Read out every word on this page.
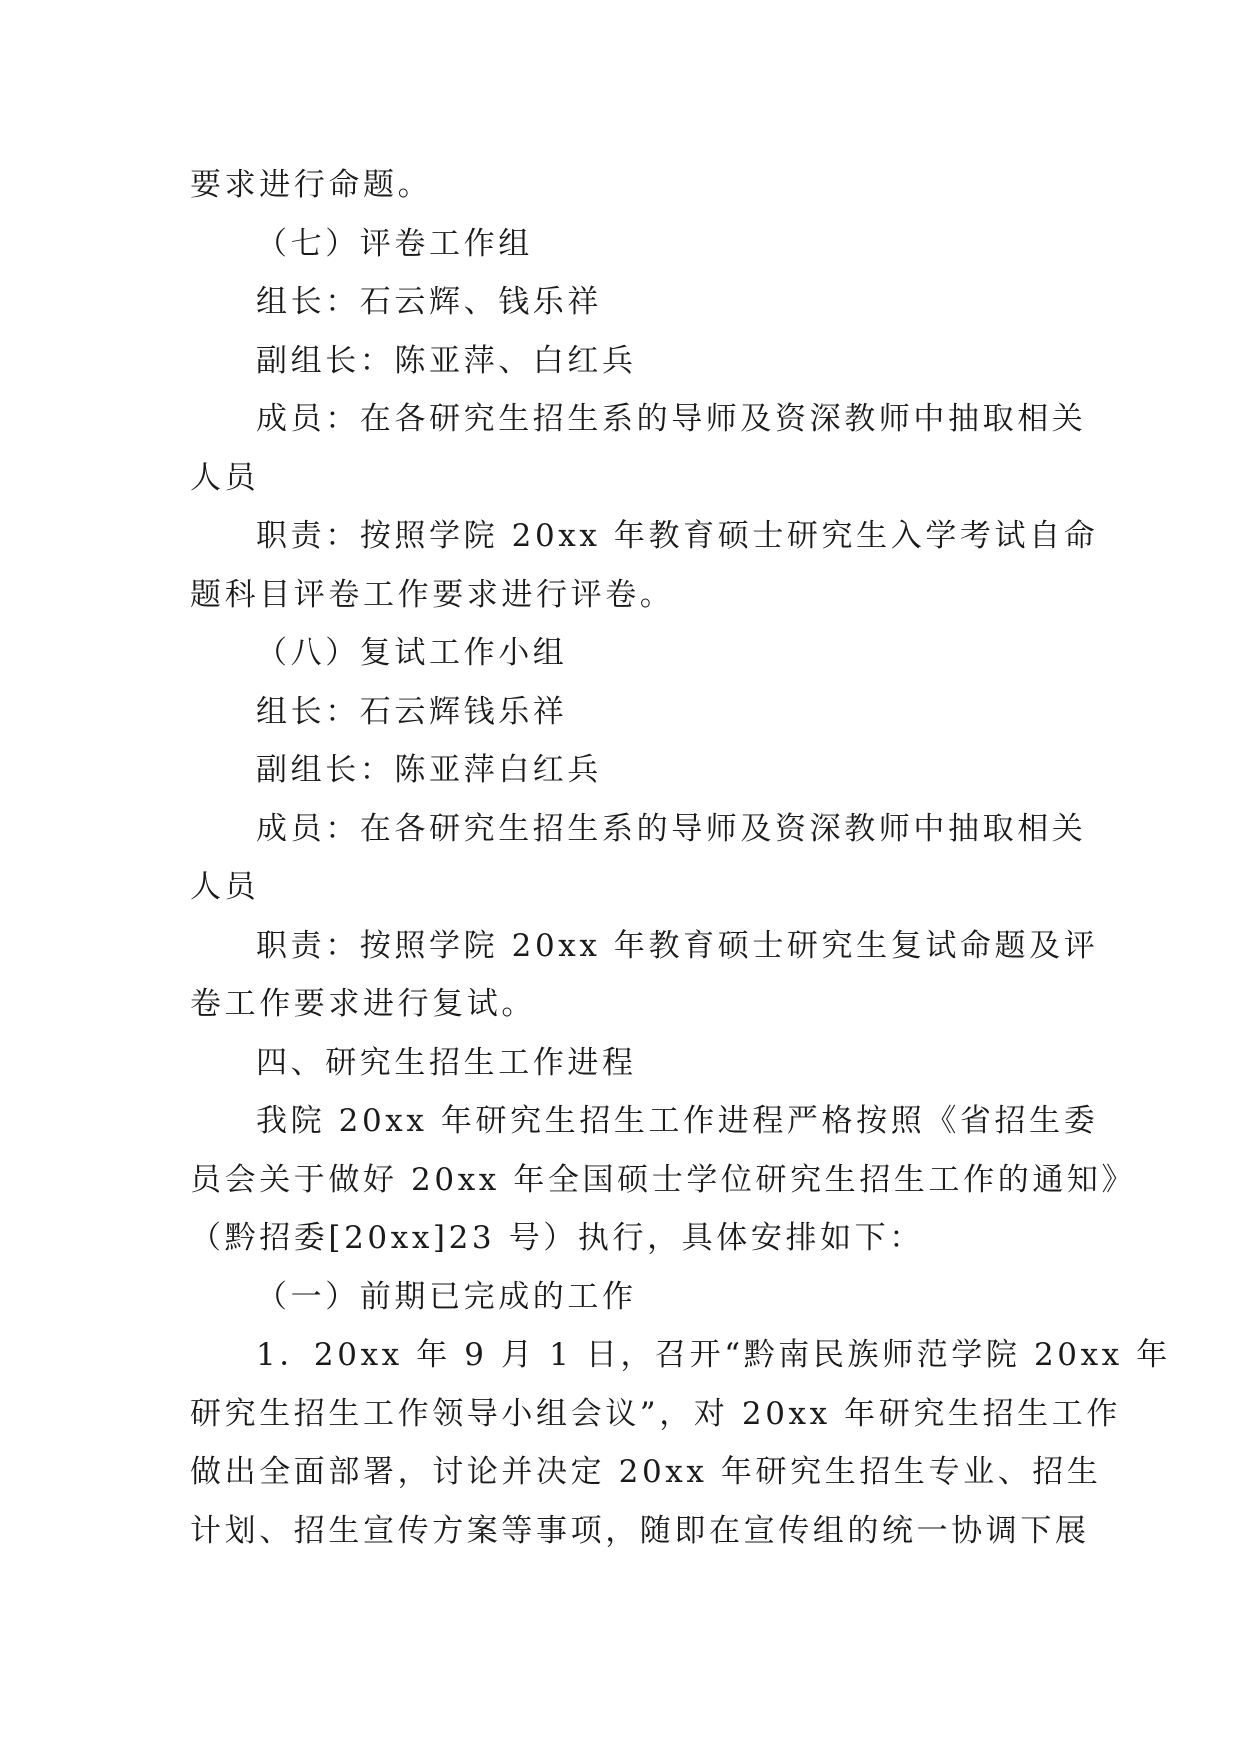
要求进行命题。
（七）评卷工作组
组长：石云辉、钱乐祥
副组长：陈亚萍、白红兵
成员：在各研究生招生系的导师及资深教师中抽取相关
人员
职责：按照学院 20xx 年教育硕士研究生入学考试自命
题科目评卷工作要求进行评卷。
（八）复试工作小组
组长：石云辉钱乐祥
副组长：陈亚萍白红兵
成员：在各研究生招生系的导师及资深教师中抽取相关
人员
职责：按照学院 20xx 年教育硕士研究生复试命题及评
卷工作要求进行复试。
四、研究生招生工作进程
我院 20xx 年研究生招生工作进程严格按照《省招生委
员会关于做好 20xx 年全国硕士学位研究生招生工作的通知》
（黔招委[20xx]23 号）执行，具体安排如下：
（一）前期已完成的工作
1．20xx 年 9 月 1 日，召开“黔南民族师范学院 20xx 年
研究生招生工作领导小组会议”，对 20xx 年研究生招生工作
做出全面部署，讨论并决定 20xx 年研究生招生专业、招生
计划、招生宣传方案等事项，随即在宣传组的统一协调下展
